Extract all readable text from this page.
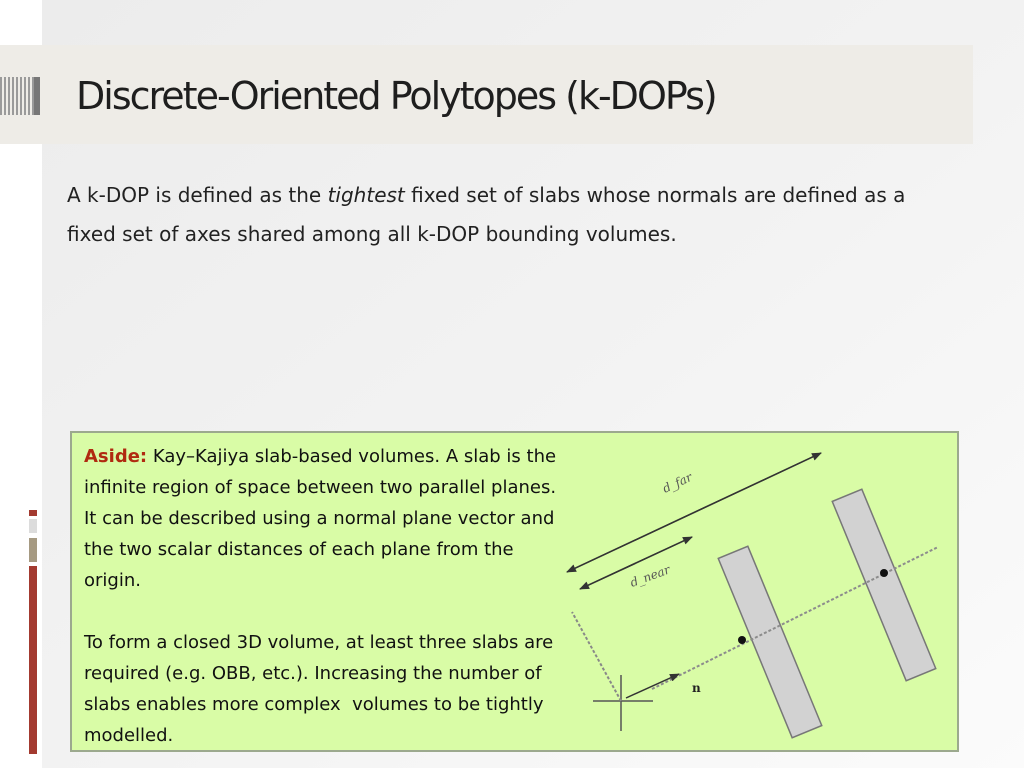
Discrete-Oriented Polytopes (k-DOPs)

A k-DOP is defined as the tightest fixed set of slabs whose normals are defined as a fixed set of axes shared among all k-DOP bounding volumes.

Aside: Kay–Kajiya slab-based volumes. A slab is the infinite region of space between two parallel planes. It can be described using a normal plane vector and the two scalar distances of each plane from the origin.

To form a closed 3D volume, at least three slabs are required (e.g. OBB, etc.). Increasing the number of slabs enables more complex  volumes to be tightly modelled.

d_far
d_near
n
